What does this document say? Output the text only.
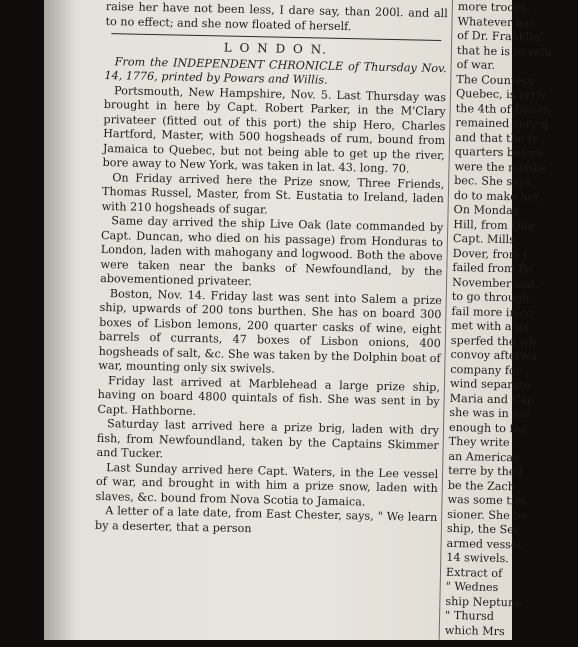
raise her have not been less, I dare say, than 200l. and all to no effect; and she now floated of herself.

L O N D O N.

From the INDEPENDENT CHRONICLE of Thursday Nov. 14, 1776, printed by Powars and Willis.

Portsmouth, New Hampshire, Nov. 5. Last Thursday was brought in here by Capt. Robert Parker, in the M'Clary privateer (fitted out of this port) the ship Hero, Charles Hartford, Master, with 500 hogsheads of rum, bound from Jamaica to Quebec, but not being able to get up the river, bore away to New York, was taken in lat. 43. long. 70.

On Friday arrived here the Prize snow, Three Friends, Thomas Russel, Master, from St. Eustatia to Ireland, laden with 210 hogsheads of sugar.

Same day arrived the ship Live Oak (late commanded by Capt. Duncan, who died on his passage) from Honduras to London, laden with mahogany and logwood. Both the above were taken near the banks of Newfoundland, by the abovementioned privateer.

Boston, Nov. 14. Friday last was sent into Salem a prize ship, upwards of 200 tons burthen. She has on board 300 boxes of Lisbon lemons, 200 quarter casks of wine, eight barrels of currants, 47 boxes of Lisbon onions, 400 hogsheads of salt, &c. She was taken by the Dolphin boat of war, mounting only six swivels.

Friday last arrived at Marblehead a large prize ship, having on board 4800 quintals of fish. She was sent in by Capt. Hathborne.

Saturday last arrived here a prize brig, laden with dry fish, from Newfoundland, taken by the Captains Skimmer and Tucker.

Last Sunday arrived here Capt. Waters, in the Lee vessel of war, and brought in with him a prize snow, laden with slaves, &c. bound from Nova Scotia to Jamaica.

A letter of a late date, from East Chester, says, " We learn by a deserter, that a person

more troops.
Whatever has
of Dr. Franklin'
that he is to retu
of war.
The Countess
Quebec, is arriv
the 4th of Decen
remained very q
and that the tr
quarters before
were the numbe
bec. She says
do to make her
On Monday
Hill, from Que
Capt. Mills,
Dover, from J
failed from Po
November last,
to go through
fail more in co
met with a ga
sperfed the wh
convoy afterwa
company for
wind separate
Maria and Cap
she was in mo
enough to fee
They write
an American
terre by the I
be the Zach
was some tim
sioner. She be
ship, the Sev
armed vessel,
14 swivels.
Extract of
" Wednes
ship Neptune
" Thursd
which Mrs
